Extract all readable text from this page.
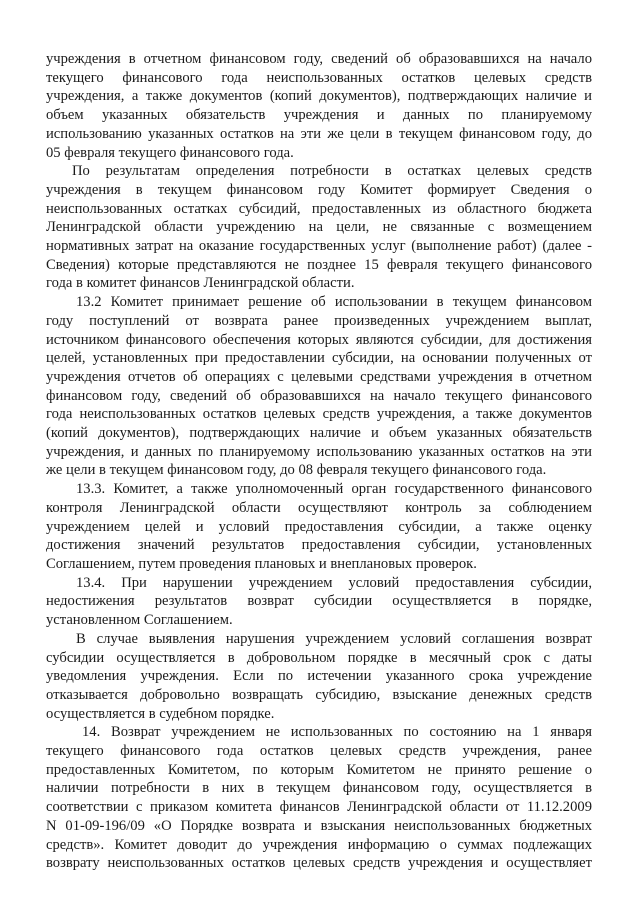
учреждения в отчетном финансовом году, сведений об образовавшихся на начало
текущего финансового года неиспользованных остатков целевых средств
учреждения, а также документов (копий документов), подтверждающих наличие и
объем указанных обязательств учреждения и данных по планируемому
использованию указанных остатков на эти же цели в текущем финансовом году, до
05 февраля текущего финансового года.
По результатам определения потребности в остатках целевых средств
учреждения в текущем финансовом году Комитет формирует Сведения о
неиспользованных остатках субсидий, предоставленных из областного бюджета
Ленинградской области учреждению на цели, не связанные с возмещением
нормативных затрат на оказание государственных услуг (выполнение работ) (далее -
Сведения) которые представляются не позднее 15 февраля текущего финансового
года в комитет финансов Ленинградской области.
13.2 Комитет принимает решение об использовании в текущем финансовом
году поступлений от возврата ранее произведенных учреждением выплат,
источником финансового обеспечения которых являются субсидии, для достижения
целей, установленных при предоставлении субсидии, на основании полученных от
учреждения отчетов об операциях с целевыми средствами учреждения в отчетном
финансовом году, сведений об образовавшихся на начало текущего финансового
года неиспользованных остатков целевых средств учреждения, а также документов
(копий документов), подтверждающих наличие и объем указанных обязательств
учреждения, и данных по планируемому использованию указанных остатков на эти
же цели в текущем финансовом году, до 08 февраля текущего финансового года.
13.3. Комитет, а также уполномоченный орган государственного финансового
контроля Ленинградской области осуществляют контроль за соблюдением
учреждением целей и условий предоставления субсидии, а также оценку
достижения значений результатов предоставления субсидии, установленных
Соглашением, путем проведения плановых и внеплановых проверок.
13.4. При нарушении учреждением условий предоставления субсидии,
недостижения результатов возврат субсидии осуществляется в порядке,
установленном Соглашением.
В случае выявления нарушения учреждением условий соглашения возврат
субсидии осуществляется в добровольном порядке в месячный срок с даты
уведомления учреждения. Если по истечении указанного срока учреждение
отказывается добровольно возвращать субсидию, взыскание денежных средств
осуществляется в судебном порядке.
14. Возврат учреждением не использованных по состоянию на 1 января
текущего финансового года остатков целевых средств учреждения, ранее
предоставленных Комитетом, по которым Комитетом не принято решение о
наличии потребности в них в текущем финансовом году, осуществляется в
соответствии с приказом комитета финансов Ленинградской области от 11.12.2009
N 01-09-196/09 «О Порядке возврата и взыскания неиспользованных бюджетных
средств». Комитет доводит до учреждения информацию о суммах подлежащих
возврату неиспользованных остатков целевых средств учреждения и осуществляет
